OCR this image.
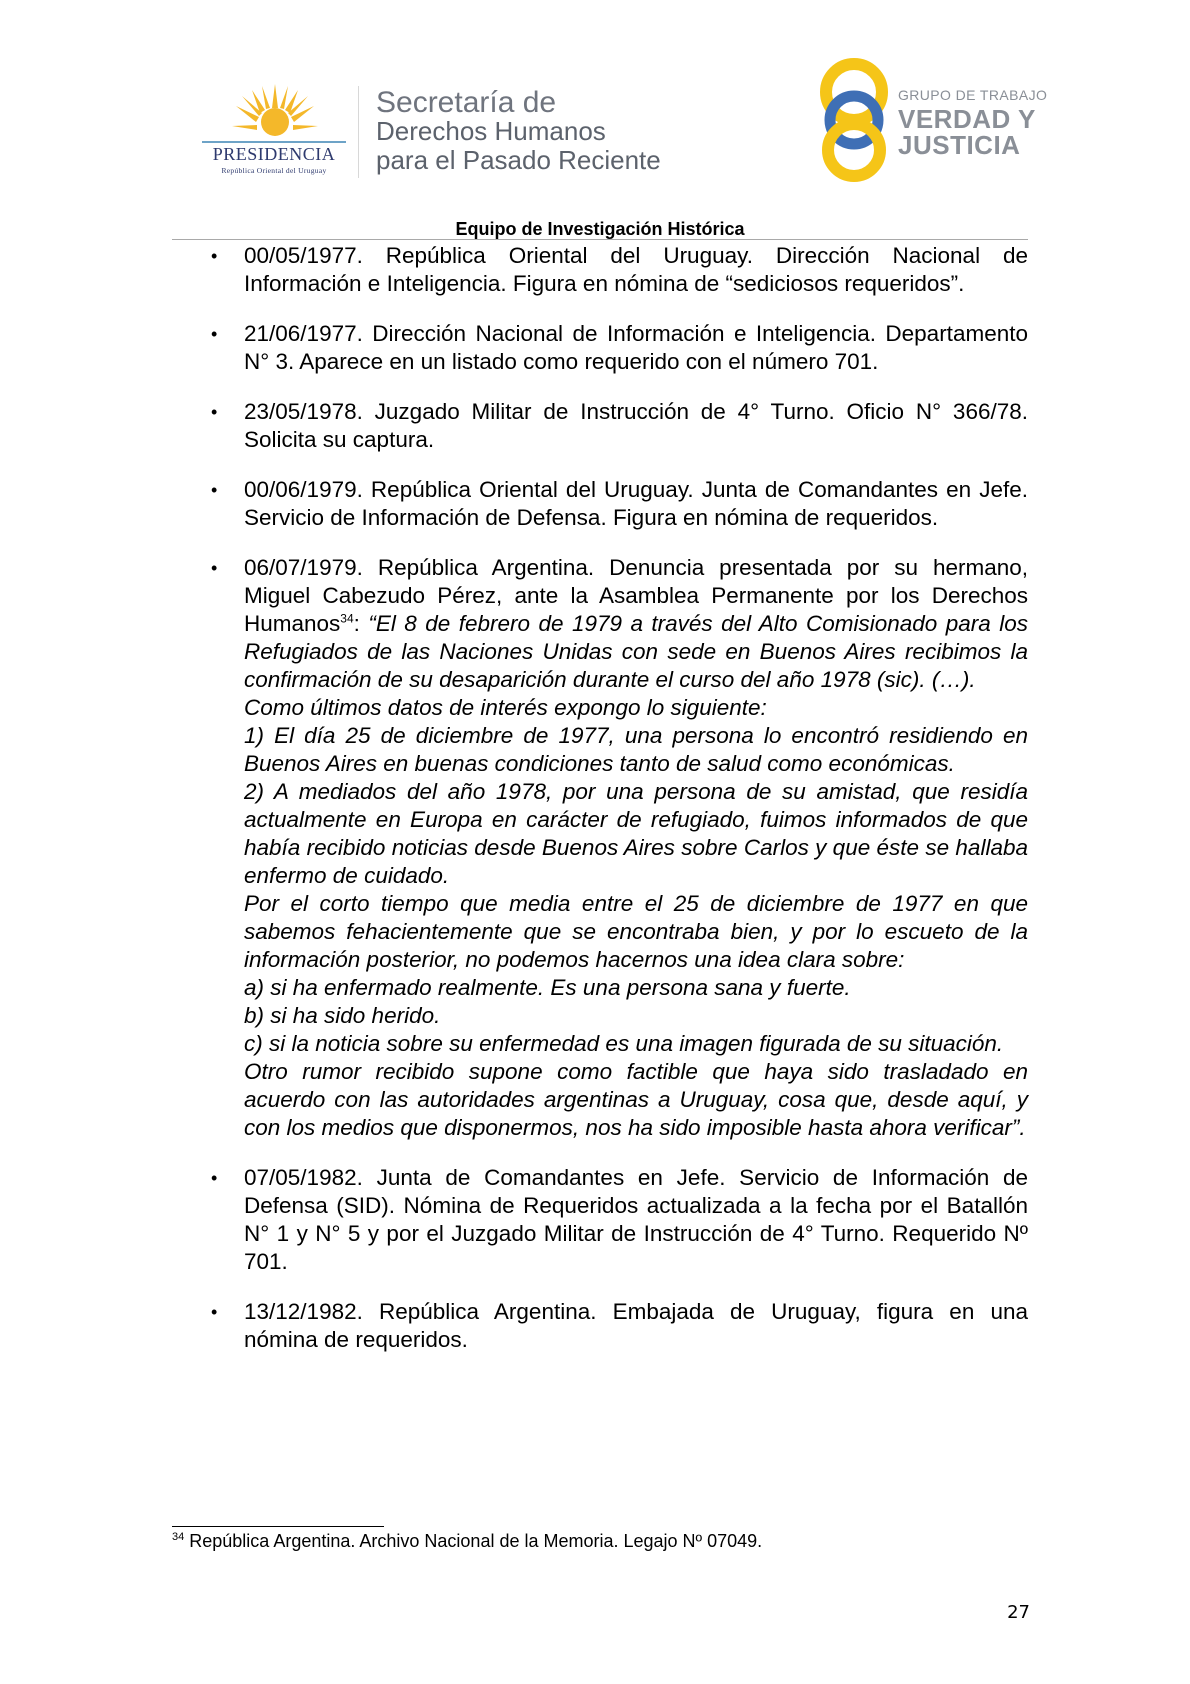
PRESIDENCIA
República Oriental del Uruguay
Secretaría de
Derechos Humanos
para el Pasado Reciente
GRUPO DE TRABAJO
VERDAD Y
JUSTICIA
Equipo de Investigación Histórica
• 00/05/1977. República Oriental del Uruguay. Dirección Nacional de Información e Inteligencia. Figura en nómina de “sediciosos requeridos”.

• 21/06/1977. Dirección Nacional de Información e Inteligencia. Departamento N° 3. Aparece en un listado como requerido con el número 701.

• 23/05/1978. Juzgado Militar de Instrucción de 4° Turno. Oficio N° 366/78. Solicita su captura.

• 00/06/1979. República Oriental del Uruguay. Junta de Comandantes en Jefe. Servicio de Información de Defensa. Figura en nómina de requeridos.

• 06/07/1979. República Argentina. Denuncia presentada por su hermano, Miguel Cabezudo Pérez, ante la Asamblea Permanente por los Derechos Humanos$^{34}$: “El 8 de febrero de 1979 a través del Alto Comisionado para los Refugiados de las Naciones Unidas con sede en Buenos Aires recibimos la confirmación de su desaparición durante el curso del año 1978 (sic). (…).

Como últimos datos de interés expongo lo siguiente:
1) El día 25 de diciembre de 1977, una persona lo encontró residiendo en Buenos Aires en buenas condiciones tanto de salud como económicas.
2) A mediados del año 1978, por una persona de su amistad, que residía actualmente en Europa en carácter de refugiado, fuimos informados de que había recibido noticias desde Buenos Aires sobre Carlos y que éste se hallaba enfermo de cuidado.
Por el corto tiempo que media entre el 25 de diciembre de 1977 en que sabemos fehacientemente que se encontraba bien, y por lo escueto de la información posterior, no podemos hacernos una idea clara sobre:
a) si ha enfermado realmente. Es una persona sana y fuerte.
b) si ha sido herido.
c) si la noticia sobre su enfermedad es una imagen figurada de su situación.
Otro rumor recibido supone como factible que haya sido trasladado en acuerdo con las autoridades argentinas a Uruguay, cosa que, desde aquí, y con los medios que disponermos, nos ha sido imposible hasta ahora verificar”.
• 07/05/1982. Junta de Comandantes en Jefe. Servicio de Información de Defensa (SID). Nómina de Requeridos actualizada a la fecha por el Batallón N° 1 y N° 5 y por el Juzgado Militar de Instrucción de 4° Turno. Requerido Nº 701.

• 13/12/1982. República Argentina. Embajada de Uruguay, figura en una nómina de requeridos.

$^{34}$ República Argentina. Archivo Nacional de la Memoria. Legajo Nº 07049.
27
